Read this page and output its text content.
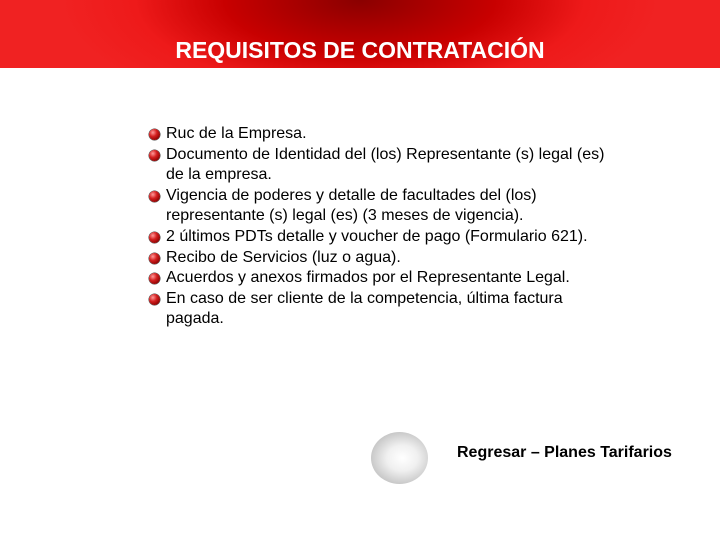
REQUISITOS DE CONTRATACIÓN
Ruc de la Empresa.
Documento de Identidad del (los) Representante (s) legal (es) de la empresa.
Vigencia de poderes y detalle de facultades del (los) representante (s) legal (es) (3 meses de vigencia).
2 últimos PDTs detalle y voucher de pago (Formulario 621).
Recibo de Servicios (luz o agua).
Acuerdos y anexos firmados por el Representante Legal.
En caso de ser cliente de la competencia, última factura pagada.
Regresar – Planes Tarifarios
